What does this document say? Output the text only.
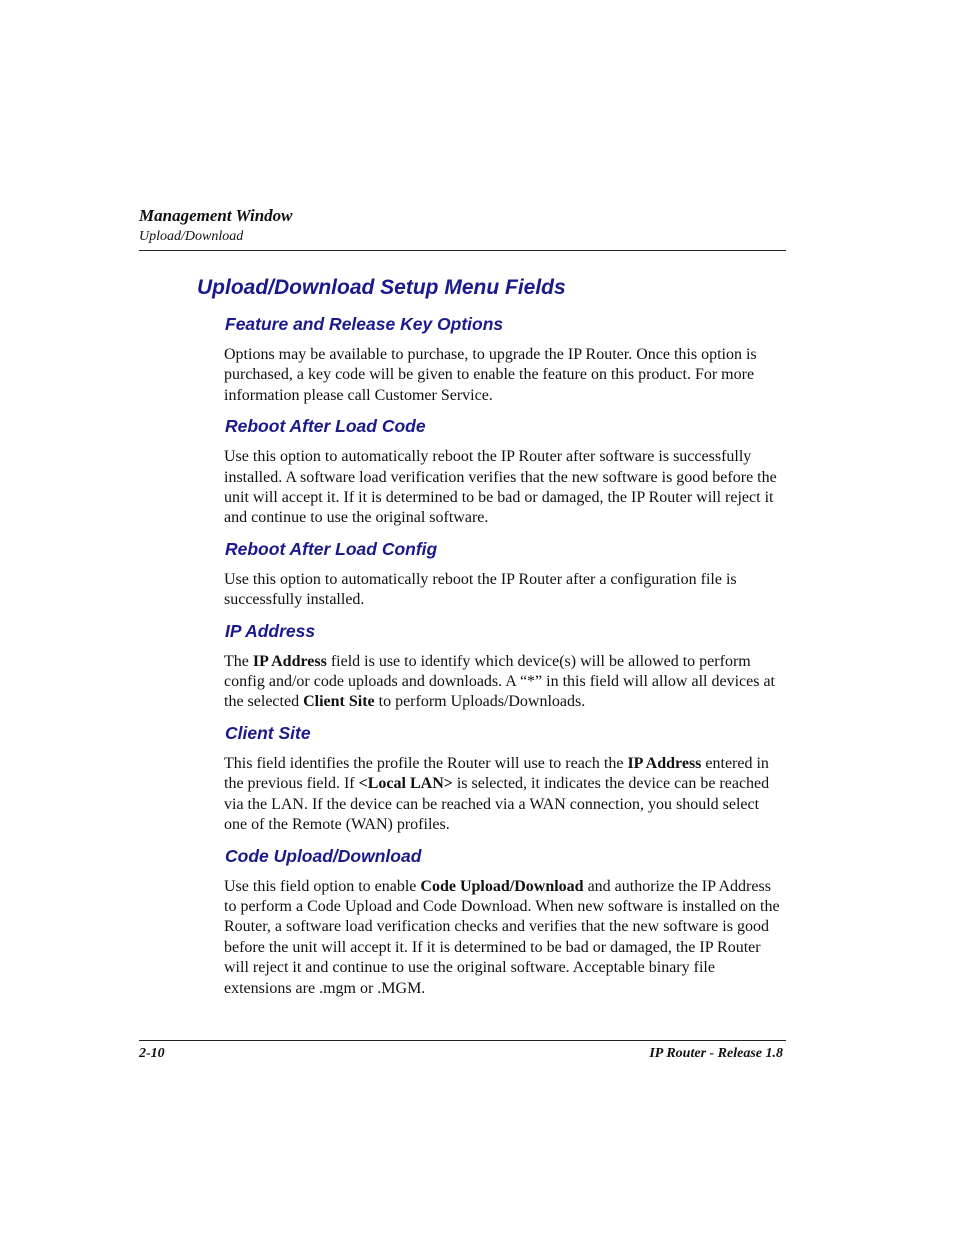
Management Window
Upload/Download
Upload/Download Setup Menu Fields
Feature and Release Key Options

Options may be available to purchase, to upgrade the IP Router. Once this option is purchased, a key code will be given to enable the feature on this product. For more information please call Customer Service.

Reboot After Load Code

Use this option to automatically reboot the IP Router after software is successfully installed. A software load verification verifies that the new software is good before the unit will accept it. If it is determined to be bad or damaged, the IP Router will reject it and continue to use the original software.

Reboot After Load Config

Use this option to automatically reboot the IP Router after a configuration file is successfully installed.

IP Address

The IP Address field is use to identify which device(s) will be allowed to perform config and/or code uploads and downloads. A “*” in this field will allow all devices at the selected Client Site to perform Uploads/Downloads.

Client Site

This field identifies the profile the Router will use to reach the IP Address entered in the previous field. If <Local LAN> is selected, it indicates the device can be reached via the LAN. If the device can be reached via a WAN connection, you should select one of the Remote (WAN) profiles.

Code Upload/Download

Use this field option to enable Code Upload/Download and authorize the IP Address to perform a Code Upload and Code Download. When new software is installed on the Router, a software load verification checks and verifies that the new software is good before the unit will accept it. If it is determined to be bad or damaged, the IP Router will reject it and continue to use the original software. Acceptable binary file extensions are .mgm or .MGM.

2-10	IP Router - Release 1.8
